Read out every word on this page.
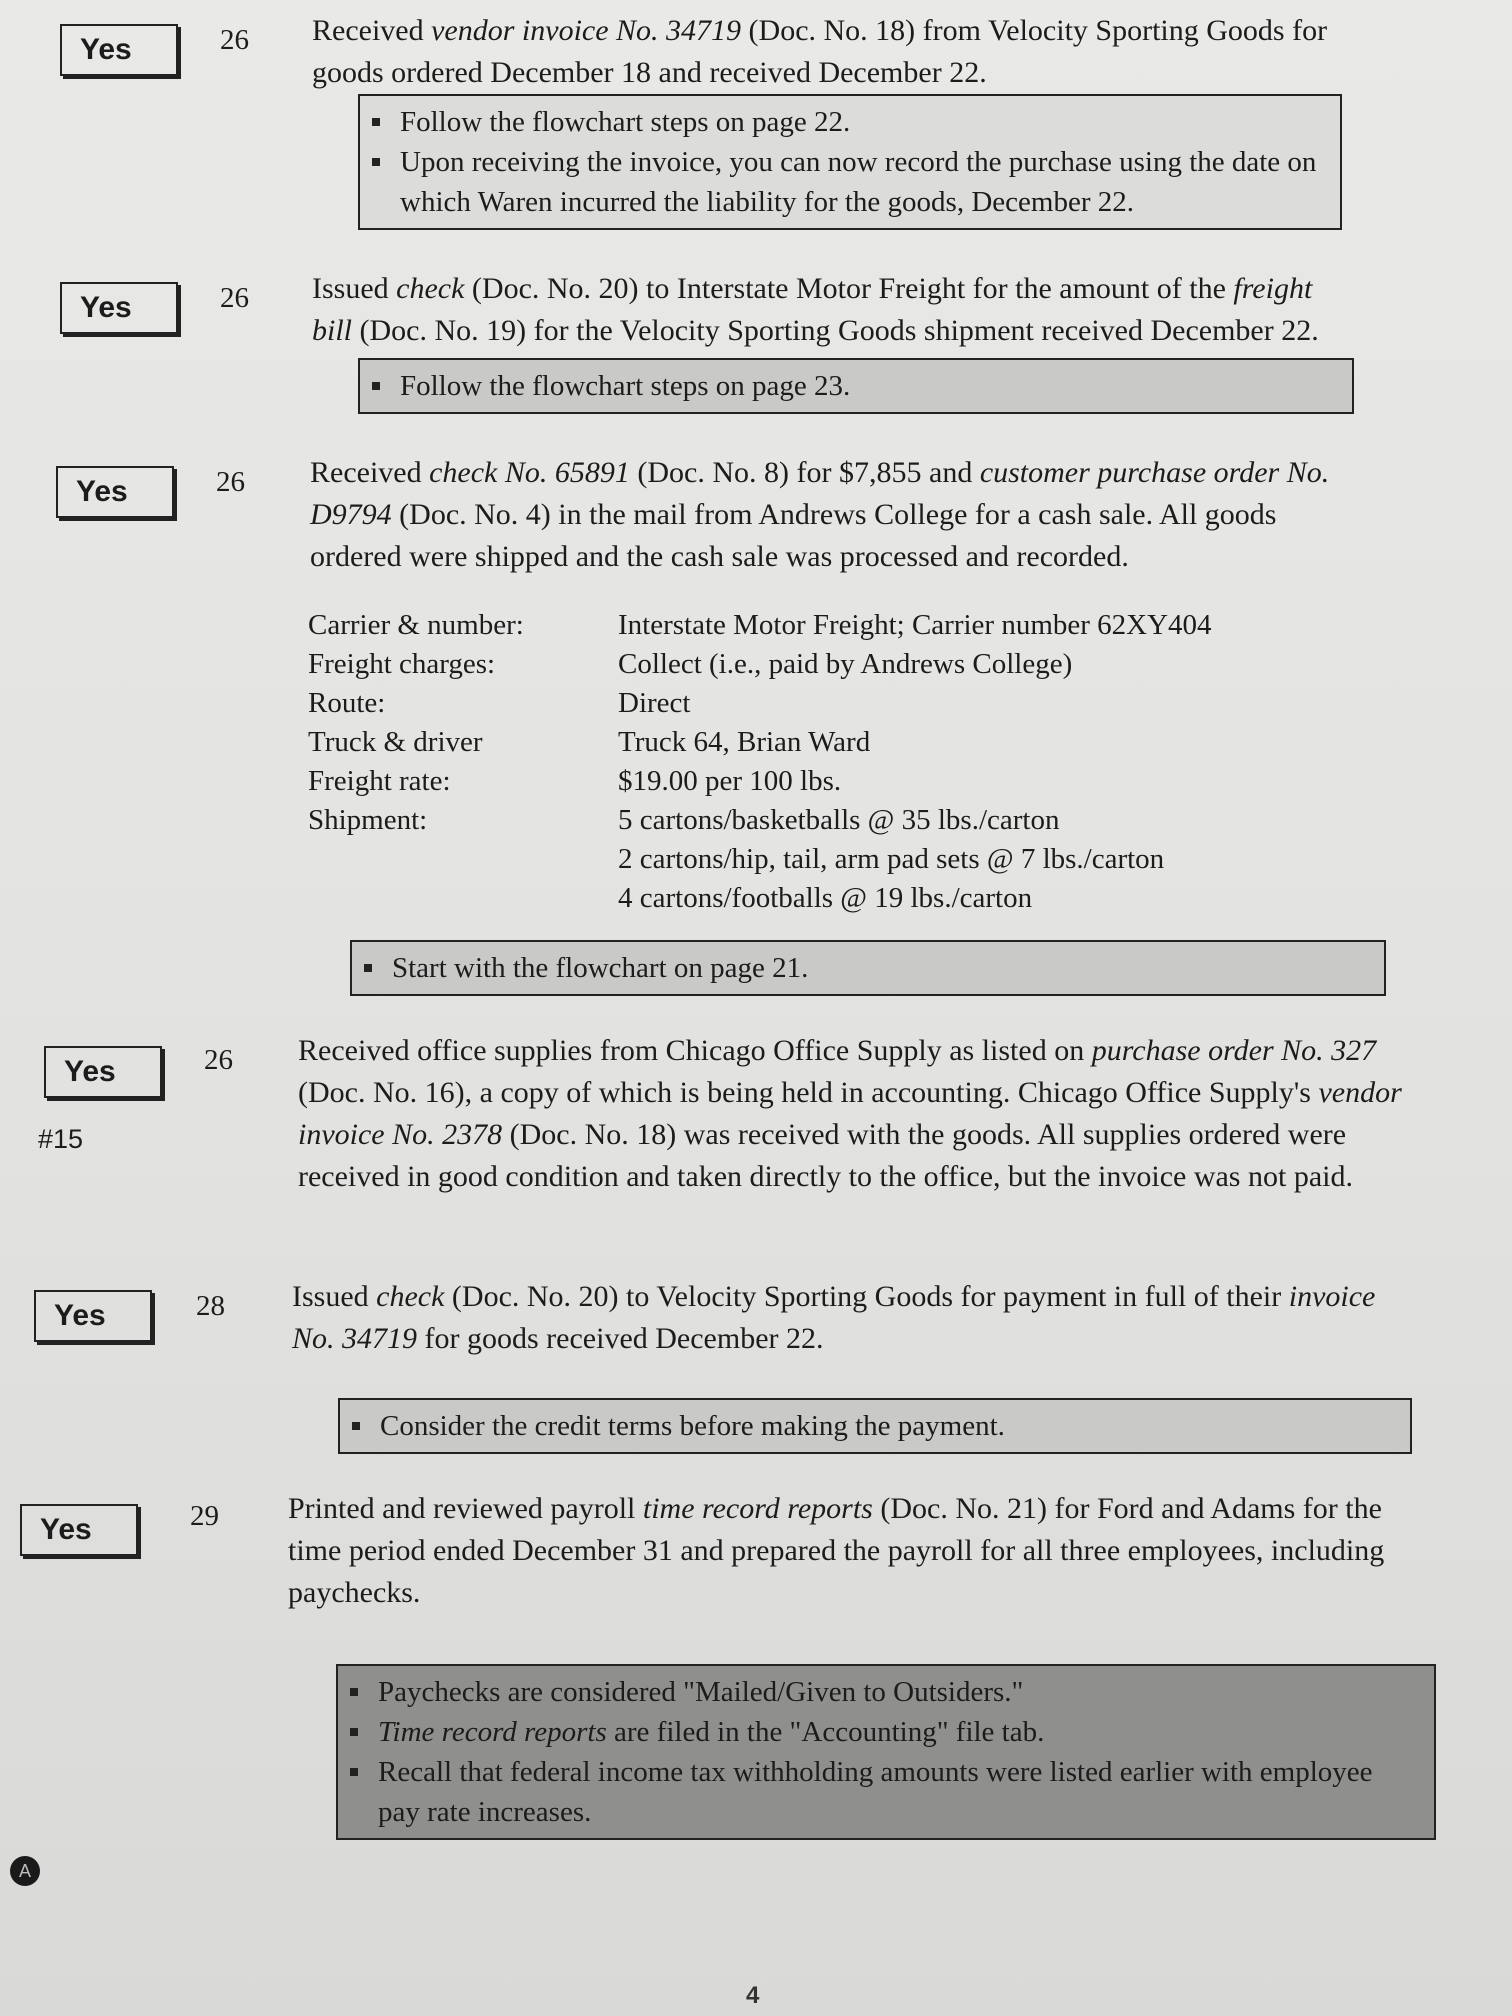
Yes	26 Received vendor invoice No. 34719 (Doc. No. 18) from Velocity Sporting Goods for goods ordered December 18 and received December 22.
Follow the flowchart steps on page 22.
Upon receiving the invoice, you can now record the purchase using the date on which Waren incurred the liability for the goods, December 22.
Yes	26 Issued check (Doc. No. 20) to Interstate Motor Freight for the amount of the freight bill (Doc. No. 19) for the Velocity Sporting Goods shipment received December 22.
Follow the flowchart steps on page 23.
Yes	26 Received check No. 65891 (Doc. No. 8) for $7,855 and customer purchase order No. D9794 (Doc. No. 4) in the mail from Andrews College for a cash sale. All goods ordered were shipped and the cash sale was processed and recorded.
Carrier & number:	Interstate Motor Freight; Carrier number 62XY404
Freight charges:	Collect (i.e., paid by Andrews College)
Route:	Direct
Truck & driver	Truck 64, Brian Ward
Freight rate:	$19.00 per 100 lbs.
Shipment:	5 cartons/basketballs @ 35 lbs./carton
2 cartons/hip, tail, arm pad sets @ 7 lbs./carton
4 cartons/footballs @ 19 lbs./carton
Start with the flowchart on page 21.
Yes
#15
26 Received office supplies from Chicago Office Supply as listed on purchase order No. 327 (Doc. No. 16), a copy of which is being held in accounting. Chicago Office Supply's vendor invoice No. 2378 (Doc. No. 18) was received with the goods. All supplies ordered were received in good condition and taken directly to the office, but the invoice was not paid.
Yes	28 Issued check (Doc. No. 20) to Velocity Sporting Goods for payment in full of their invoice No. 34719 for goods received December 22.
Consider the credit terms before making the payment.
Yes	29 Printed and reviewed payroll time record reports (Doc. No. 21) for Ford and Adams for the time period ended December 31 and prepared the payroll for all three employees, including paychecks.
Paychecks are considered "Mailed/Given to Outsiders."
Time record reports are filed in the "Accounting" file tab.
Recall that federal income tax withholding amounts were listed earlier with employee pay rate increases.
A
4
